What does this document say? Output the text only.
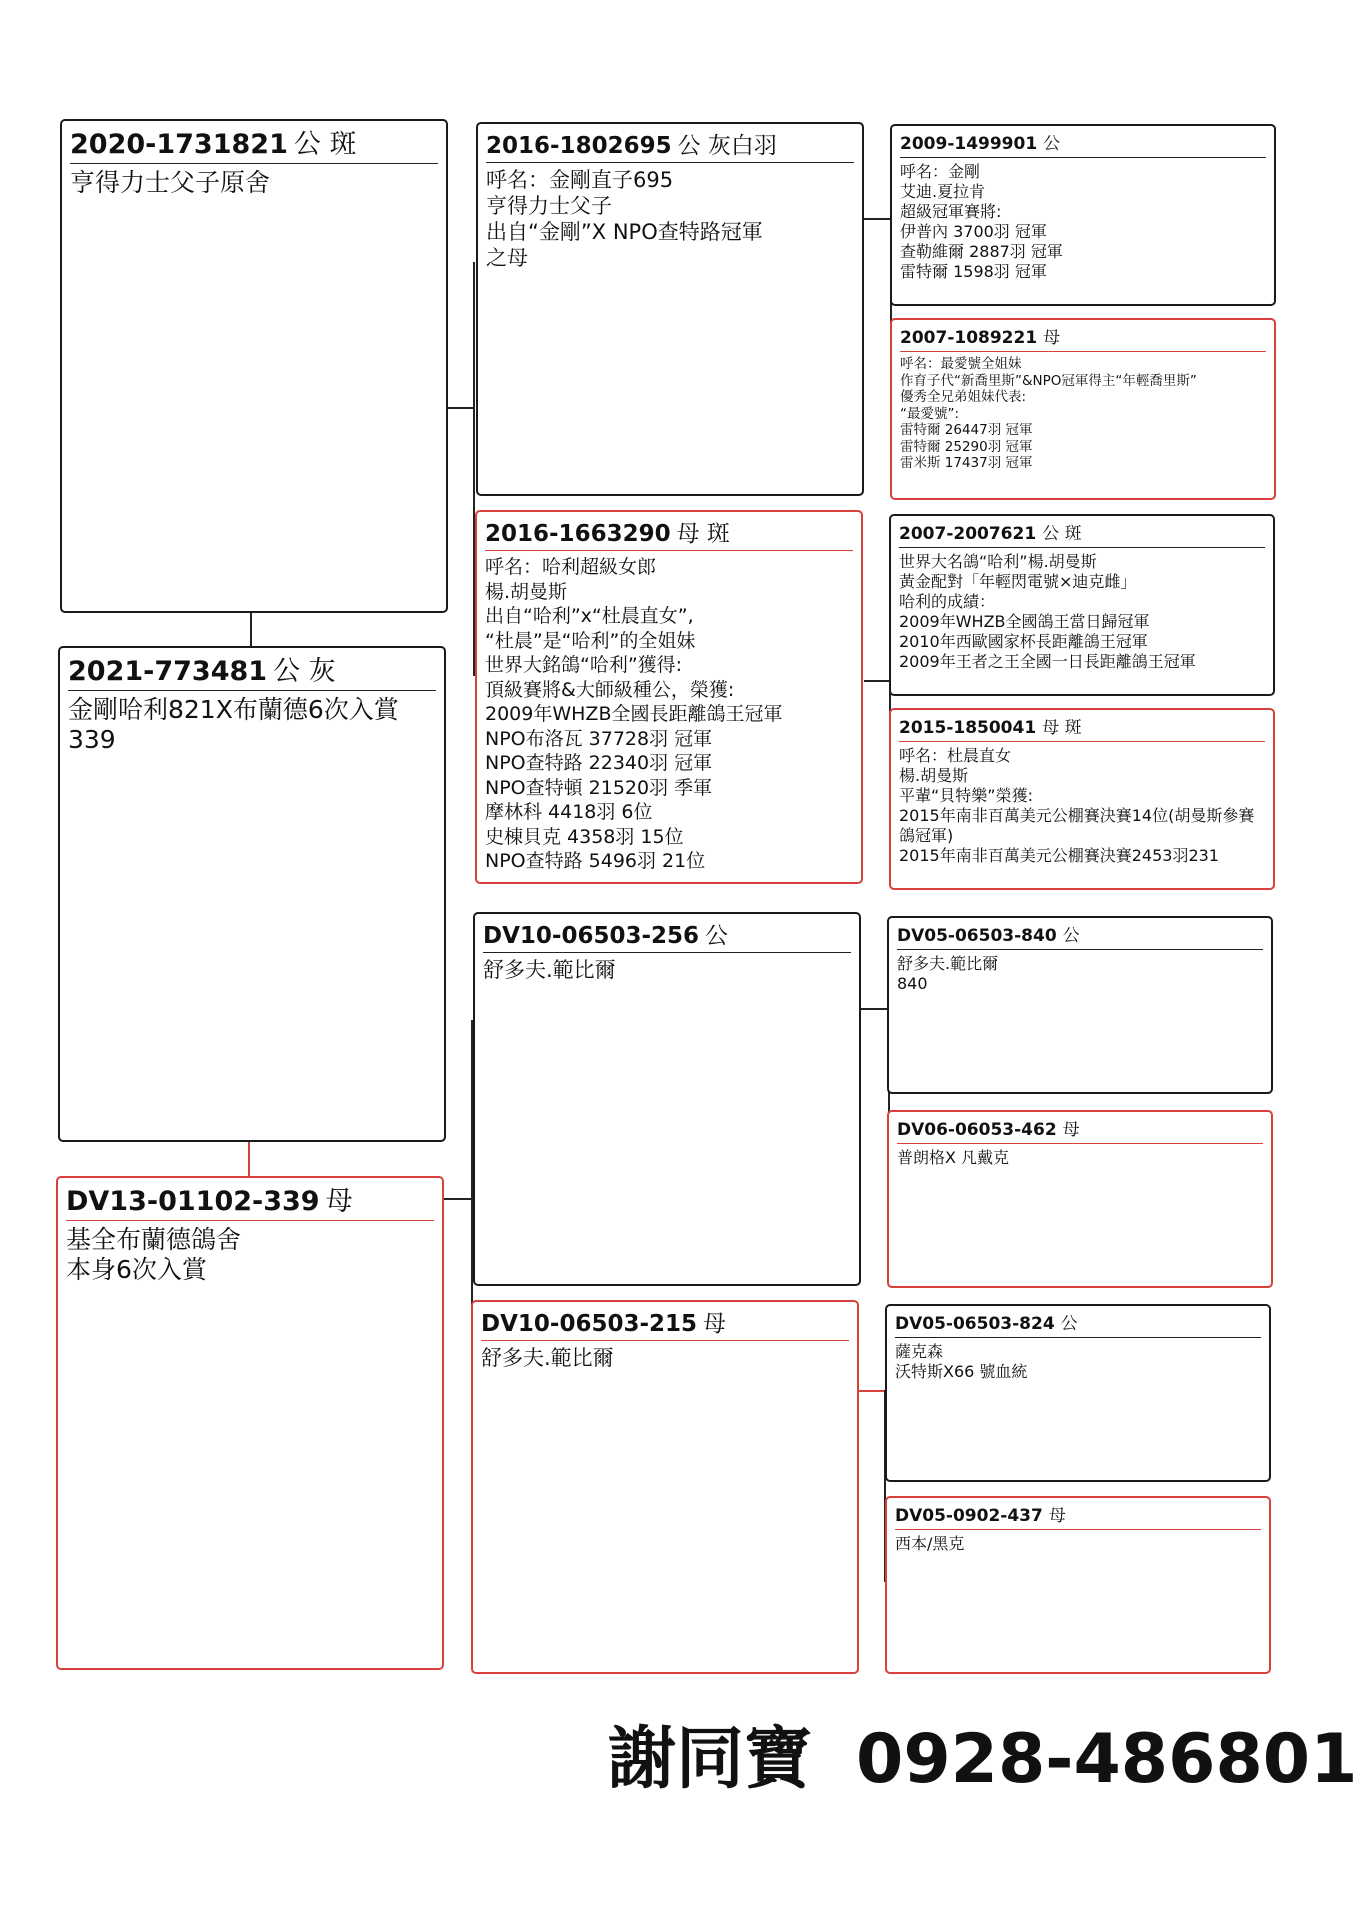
2020-1731821 公 斑
亨得力士父子原舍
2021-773481 公 灰
金剛哈利821X布蘭德6次入賞
339
DV13-01102-339 母
基全布蘭德鴿舍
本身6次入賞
2016-1802695 公 灰白羽
呼名：金剛直子695
亨得力士父子
出自“金剛”X NPO查特路冠軍
之母
2016-1663290 母 斑
呼名：哈利超級女郎
楊.胡曼斯
出自“哈利”x“杜晨直女”,
“杜晨”是“哈利”的全姐妹
世界大銘鴿“哈利”獲得:
頂級賽將&大師級種公，榮獲:
2009年WHZB全國長距離鴿王冠軍
NPO布洛瓦 37728羽 冠軍
NPO查特路 22340羽 冠軍
NPO查特頓 21520羽 季軍
摩林科 4418羽 6位
史棟貝克 4358羽 15位
NPO查特路 5496羽 21位
DV10-06503-256 公
舒多夫.範比爾
DV10-06503-215 母
舒多夫.範比爾
2009-1499901 公
呼名：金剛
艾迪.夏拉肯
超級冠軍賽將:
伊普內 3700羽 冠軍
查勒維爾 2887羽 冠軍
雷特爾 1598羽 冠軍
2007-1089221 母
呼名：最愛號全姐妹
作育子代“新喬里斯”&NPO冠軍得主“年輕喬里斯”
優秀全兄弟姐妹代表:
“最愛號”:
雷特爾 26447羽 冠軍
雷特爾 25290羽 冠軍
雷米斯 17437羽 冠軍
2007-2007621 公 斑
世界大名鴿“哈利”楊.胡曼斯
黃金配對「年輕閃電號×迪克雌」
哈利的成績：
2009年WHZB全國鴿王當日歸冠軍
2010年西歐國家杯長距離鴿王冠軍
2009年王者之王全國一日長距離鴿王冠軍
2015-1850041 母 斑
呼名：杜晨直女
楊.胡曼斯
平輩“貝特樂”榮獲:
2015年南非百萬美元公棚賽決賽14位(胡曼斯參賽鴿冠軍)
2015年南非百萬美元公棚賽決賽2453羽231
DV05-06503-840 公
舒多夫.範比爾
840
DV06-06053-462 母
普朗格X 凡戴克
DV05-06503-824 公
薩克森
沃特斯X66 號血統
DV05-0902-437 母
西本/黑克
謝同寶 0928-486801
